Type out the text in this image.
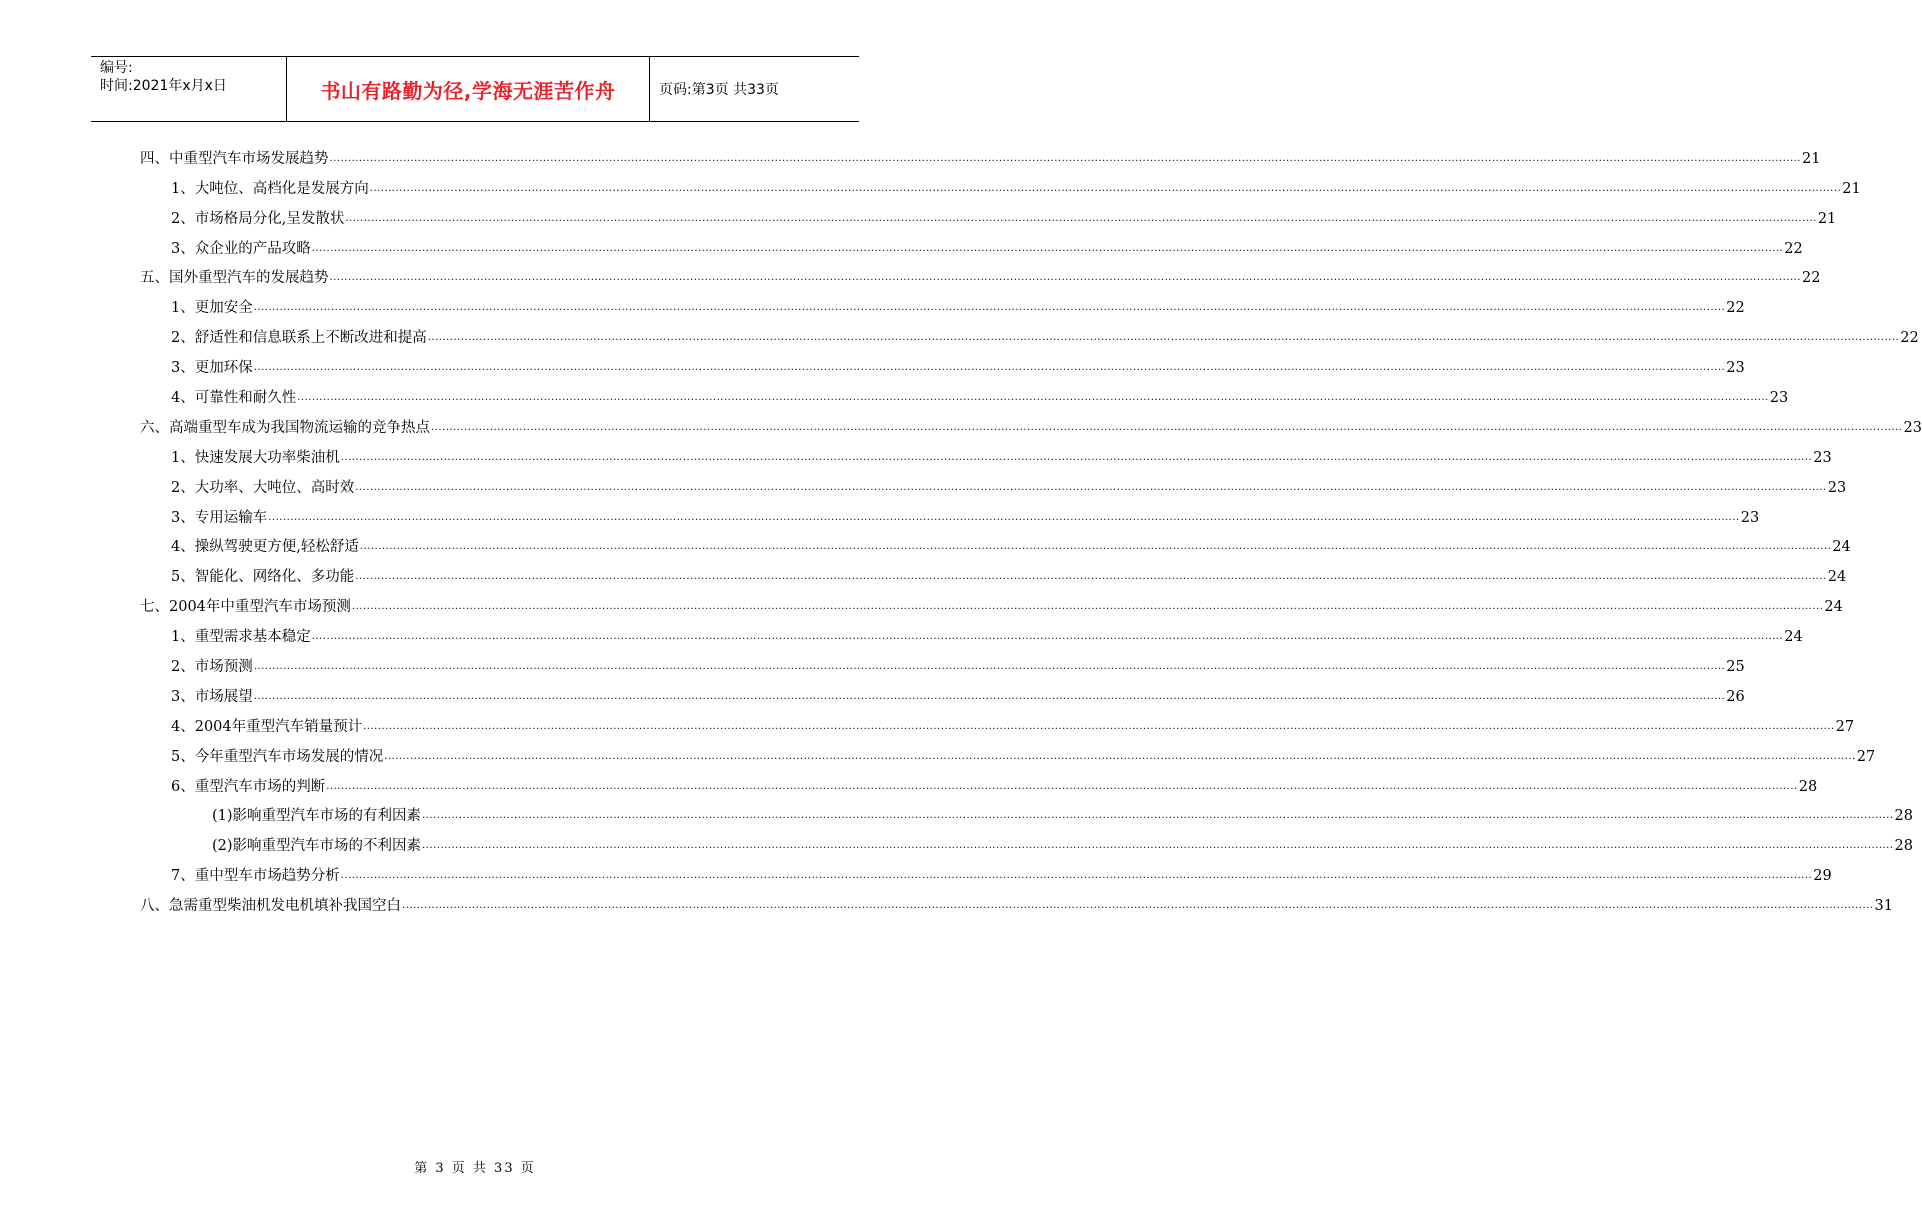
编号:
时间:2021年x月x日	书山有路勤为径,学海无涯苦作舟	页码:第3页 共33页
四、中重型汽车市场发展趋势 ................................................................................................................................................................................................................................................................................................................................................................................................................ 21
1、大吨位、高档化是发展方向 ................................................................................................................................................................................................................................................................................................................................................................................................................ 21
2、市场格局分化,呈发散状 ................................................................................................................................................................................................................................................................................................................................................................................................................ 21
3、众企业的产品攻略 ................................................................................................................................................................................................................................................................................................................................................................................................................ 22
五、国外重型汽车的发展趋势 ................................................................................................................................................................................................................................................................................................................................................................................................................ 22
1、更加安全 ................................................................................................................................................................................................................................................................................................................................................................................................................ 22
2、舒适性和信息联系上不断改进和提高 ................................................................................................................................................................................................................................................................................................................................................................................................................ 22
3、更加环保 ................................................................................................................................................................................................................................................................................................................................................................................................................ 23
4、可靠性和耐久性 ................................................................................................................................................................................................................................................................................................................................................................................................................ 23
六、高端重型车成为我国物流运输的竞争热点 ................................................................................................................................................................................................................................................................................................................................................................................................................ 23
1、快速发展大功率柴油机 ................................................................................................................................................................................................................................................................................................................................................................................................................ 23
2、大功率、大吨位、高时效 ................................................................................................................................................................................................................................................................................................................................................................................................................ 23
3、专用运输车 ................................................................................................................................................................................................................................................................................................................................................................................................................ 23
4、操纵驾驶更方便,轻松舒适 ................................................................................................................................................................................................................................................................................................................................................................................................................ 24
5、智能化、网络化、多功能 ................................................................................................................................................................................................................................................................................................................................................................................................................ 24
七、2004年中重型汽车市场预测 ................................................................................................................................................................................................................................................................................................................................................................................................................ 24
1、重型需求基本稳定 ................................................................................................................................................................................................................................................................................................................................................................................................................ 24
2、市场预测 ................................................................................................................................................................................................................................................................................................................................................................................................................ 25
3、市场展望 ................................................................................................................................................................................................................................................................................................................................................................................................................ 26
4、2004年重型汽车销量预计 ................................................................................................................................................................................................................................................................................................................................................................................................................ 27
5、今年重型汽车市场发展的情况 ................................................................................................................................................................................................................................................................................................................................................................................................................ 27
6、重型汽车市场的判断 ................................................................................................................................................................................................................................................................................................................................................................................................................ 28
(1)影响重型汽车市场的有利因素 ................................................................................................................................................................................................................................................................................................................................................................................................................ 28
(2)影响重型汽车市场的不利因素 ................................................................................................................................................................................................................................................................................................................................................................................................................ 28
7、重中型车市场趋势分析 ................................................................................................................................................................................................................................................................................................................................................................................................................ 29
八、急需重型柴油机发电机填补我国空白 ................................................................................................................................................................................................................................................................................................................................................................................................................ 31
第 3 页 共 33 页
